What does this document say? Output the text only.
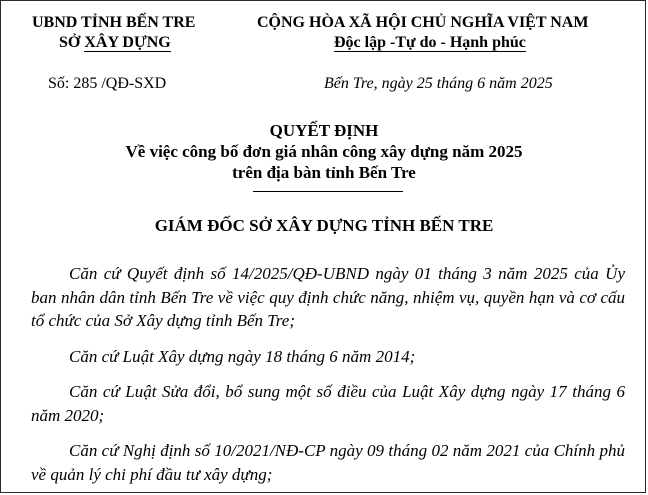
UBND TỈNH BẾN TRE
SỞ XÂY DỰNG
Số: 285 /QĐ-SXD
CỘNG HÒA XÃ HỘI CHỦ NGHĨA VIỆT NAM
Độc lập -Tự do - Hạnh phúc
Bến Tre, ngày 25 tháng 6 năm 2025
QUYẾT ĐỊNH
Về việc công bố đơn giá nhân công xây dựng năm 2025
trên địa bàn tỉnh Bến Tre
GIÁM ĐỐC SỞ XÂY DỰNG TỈNH BẾN TRE
Căn cứ Quyết định số 14/2025/QĐ-UBND ngày 01 tháng 3 năm 2025 của Ủy ban nhân dân tỉnh Bến Tre về việc quy định chức năng, nhiệm vụ, quyền hạn và cơ cấu tổ chức của Sở Xây dựng tỉnh Bến Tre;
Căn cứ Luật Xây dựng ngày 18 tháng 6 năm 2014;
Căn cứ Luật Sửa đổi, bổ sung một số điều của Luật Xây dựng ngày 17 tháng 6 năm 2020;
Căn cứ Nghị định số 10/2021/NĐ-CP ngày 09 tháng 02 năm 2021 của Chính phủ về quản lý chi phí đầu tư xây dựng;
